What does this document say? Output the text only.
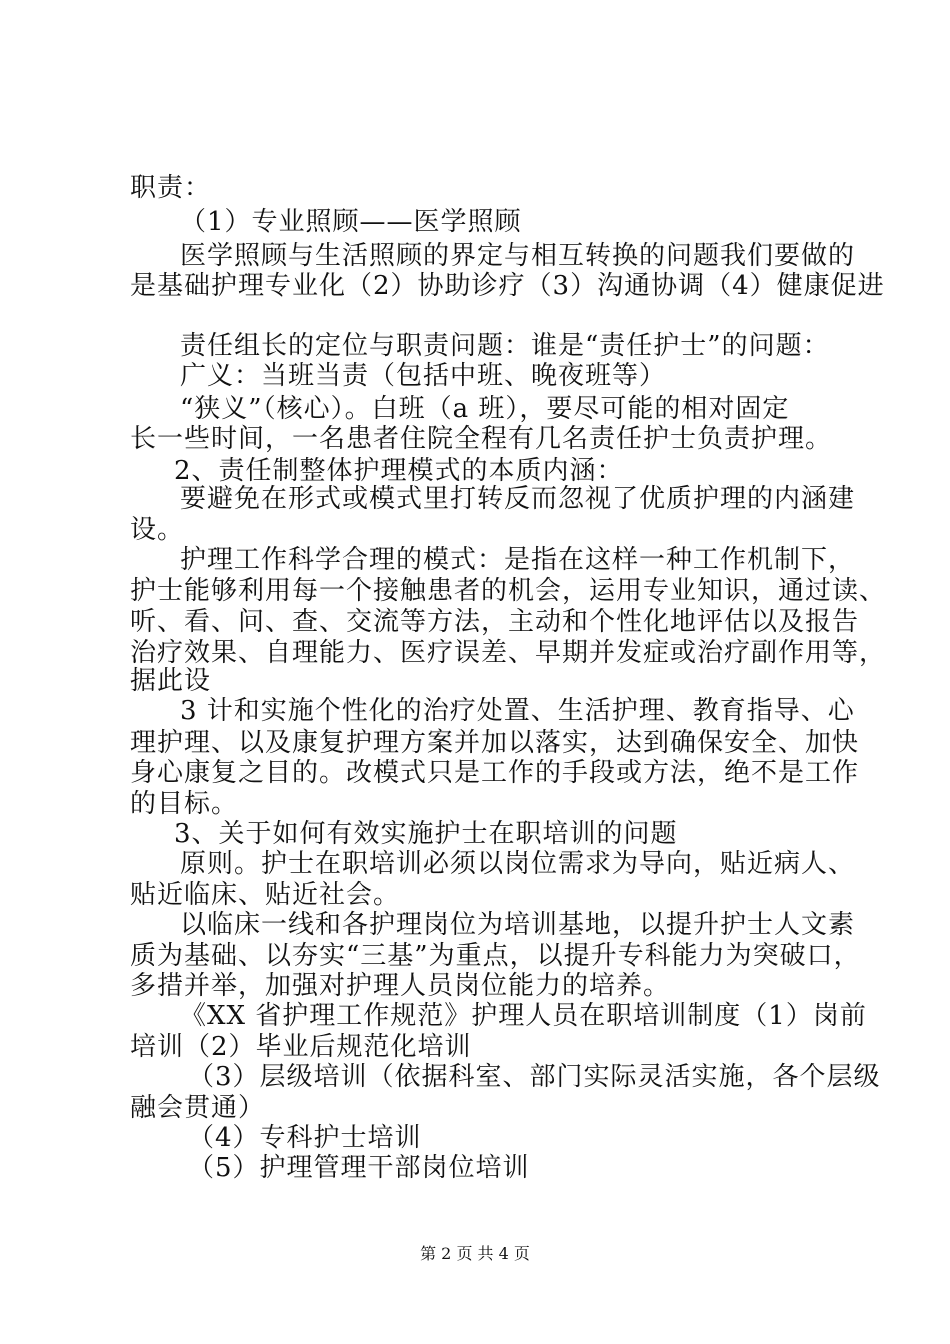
职责：
（1）专业照顾——医学照顾
医学照顾与生活照顾的界定与相互转换的问题我们要做的
是基础护理专业化（2）协助诊疗（3）沟通协调（4）健康促进
责任组长的定位与职责问题：谁是“责任护士”的问题：
广义：当班当责（包括中班、晚夜班等）
“狭义”（核心）。白班（a 班），要尽可能的相对固定
长一些时间，一名患者住院全程有几名责任护士负责护理。
2、责任制整体护理模式的本质内涵：
要避免在形式或模式里打转反而忽视了优质护理的内涵建
设。
护理工作科学合理的模式：是指在这样一种工作机制下，
护士能够利用每一个接触患者的机会，运用专业知识，通过读、
听、看、问、查、交流等方法，主动和个性化地评估以及报告
治疗效果、自理能力、医疗误差、早期并发症或治疗副作用等，
据此设
3 计和实施个性化的治疗处置、生活护理、教育指导、心
理护理、以及康复护理方案并加以落实，达到确保安全、加快
身心康复之目的。改模式只是工作的手段或方法，绝不是工作
的目标。
3、关于如何有效实施护士在职培训的问题
原则。护士在职培训必须以岗位需求为导向，贴近病人、
贴近临床、贴近社会。
以临床一线和各护理岗位为培训基地，以提升护士人文素
质为基础、以夯实“三基”为重点，以提升专科能力为突破口，
多措并举，加强对护理人员岗位能力的培养。
《XX 省护理工作规范》护理人员在职培训制度（1）岗前
培训（2）毕业后规范化培训
（3）层级培训（依据科室、部门实际灵活实施，各个层级
融会贯通）
（4）专科护士培训
（5）护理管理干部岗位培训
第 2 页 共 4 页
